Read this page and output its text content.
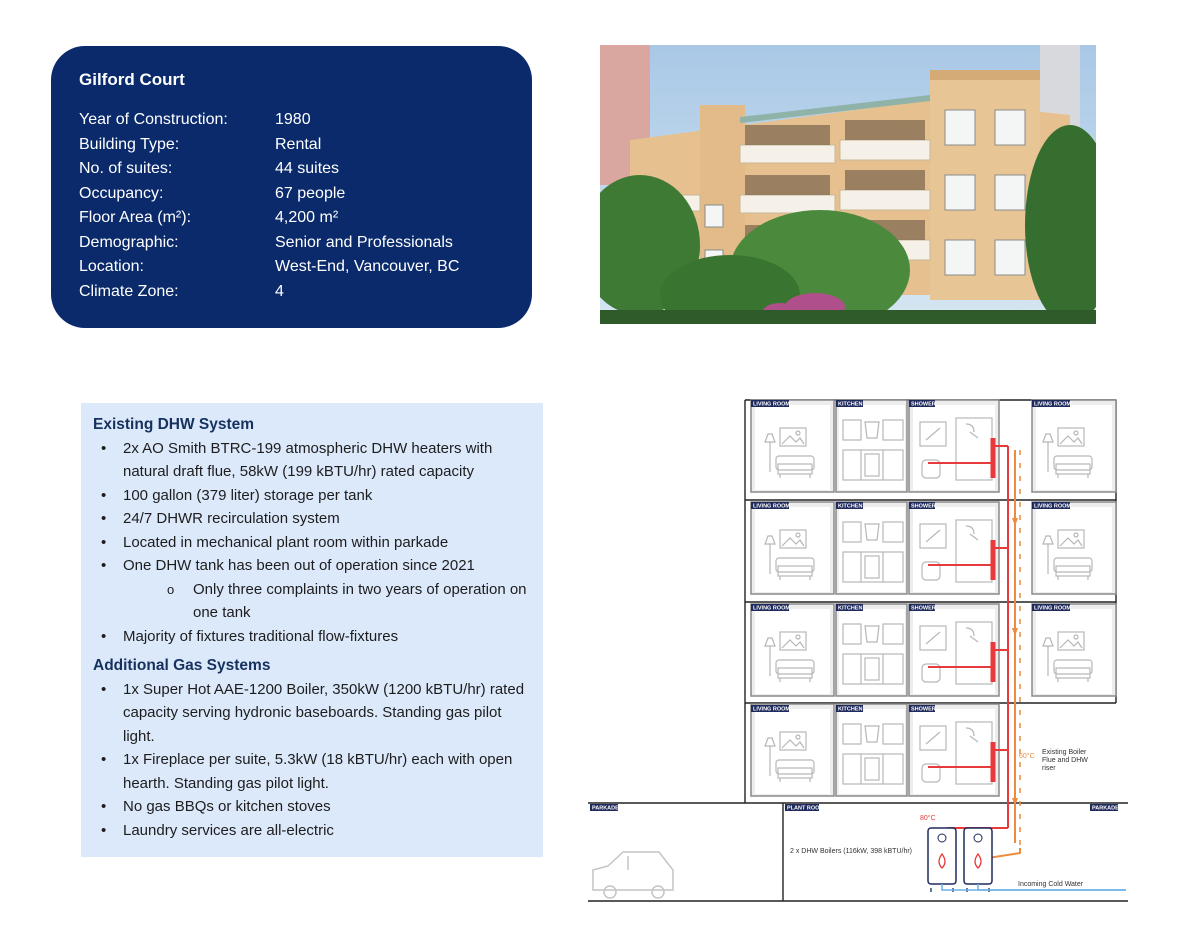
Gilford Court
Year of Construction:	1980
Building Type:	Rental
No. of suites:	44 suites
Occupancy:	67 people
Floor Area (m²):	4,200 m²
Demographic:	Senior and Professionals
Location:	West-End, Vancouver, BC
Climate Zone:	4
Existing DHW System
• 2x AO Smith BTRC-199 atmospheric DHW heaters with natural draft flue, 58kW (199 kBTU/hr) rated capacity
• 100 gallon (379 liter) storage per tank
• 24/7 DHWR recirculation system
• Located in mechanical plant room within parkade
• One DHW tank has been out of operation since 2021
o Only three complaints in two years of operation on one tank
• Majority of fixtures traditional flow-fixtures
Additional Gas Systems
• 1x Super Hot AAE-1200 Boiler, 350kW (1200 kBTU/hr) rated capacity serving hydronic baseboards. Standing gas pilot light.
• 1x Fireplace per suite, 5.3kW (18 kBTU/hr) each with open hearth. Standing gas pilot light.
• No gas BBQs or kitchen stoves
• Laundry services are all-electric
LIVING ROOM	KITCHEN	SHOWER	LIVING ROOM
LIVING ROOM	KITCHEN	SHOWER	LIVING ROOM
LIVING ROOM	KITCHEN	SHOWER	LIVING ROOM
LIVING ROOM	KITCHEN	SHOWER
PARKADE	PLANT ROOM	PARKADE
80°C
60°C
Existing Boiler
Flue and DHW
riser
2 x DHW Boilers (116kW, 398 kBTU/hr)
Incoming Cold Water
